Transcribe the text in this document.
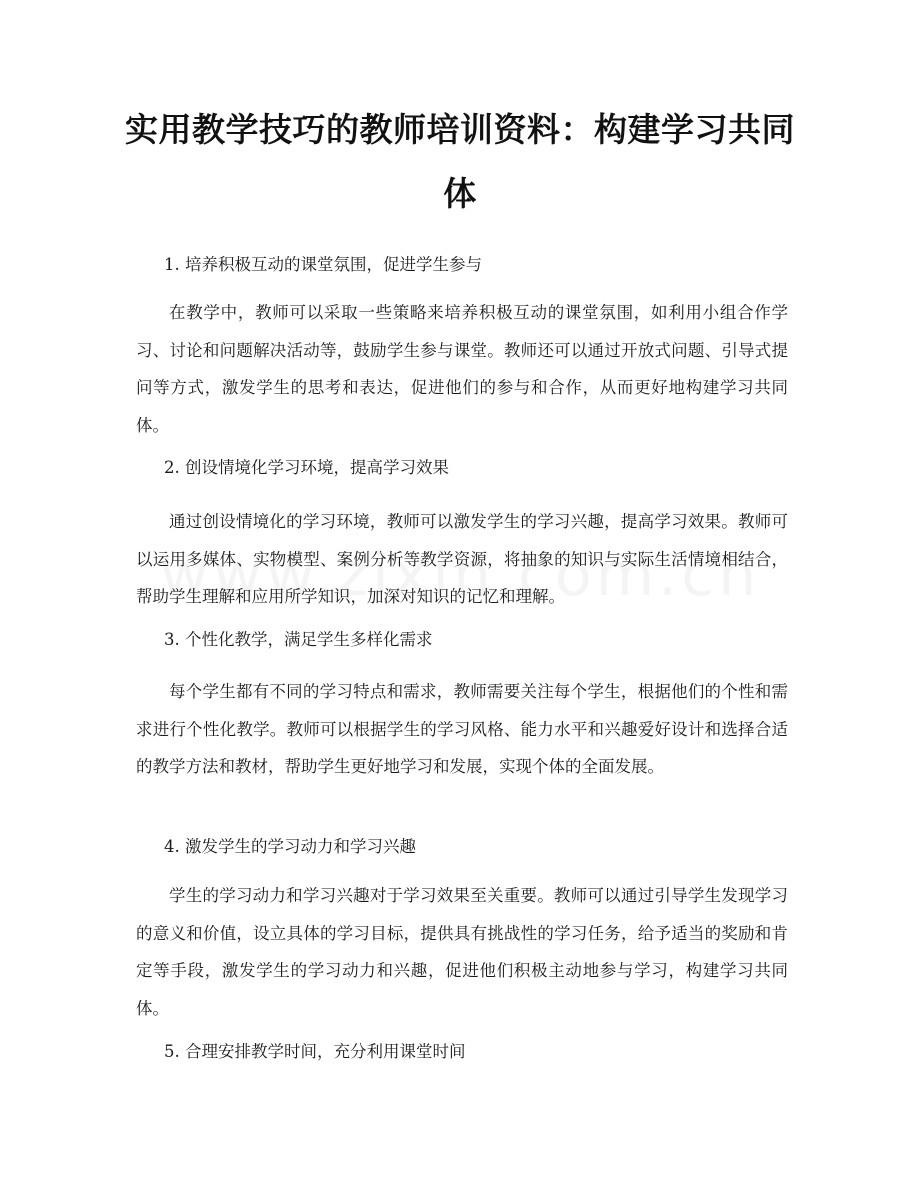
实用教学技巧的教师培训资料：构建学习共同体
1. 培养积极互动的课堂氛围，促进学生参与
在教学中，教师可以采取一些策略来培养积极互动的课堂氛围，如利用小组合作学习、讨论和问题解决活动等，鼓励学生参与课堂。教师还可以通过开放式问题、引导式提问等方式，激发学生的思考和表达，促进他们的参与和合作，从而更好地构建学习共同体。
2. 创设情境化学习环境，提高学习效果
通过创设情境化的学习环境，教师可以激发学生的学习兴趣，提高学习效果。教师可以运用多媒体、实物模型、案例分析等教学资源，将抽象的知识与实际生活情境相结合，帮助学生理解和应用所学知识，加深对知识的记忆和理解。
3. 个性化教学，满足学生多样化需求
每个学生都有不同的学习特点和需求，教师需要关注每个学生，根据他们的个性和需求进行个性化教学。教师可以根据学生的学习风格、能力水平和兴趣爱好设计和选择合适的教学方法和教材，帮助学生更好地学习和发展，实现个体的全面发展。
4. 激发学生的学习动力和学习兴趣
学生的学习动力和学习兴趣对于学习效果至关重要。教师可以通过引导学生发现学习的意义和价值，设立具体的学习目标，提供具有挑战性的学习任务，给予适当的奖励和肯定等手段，激发学生的学习动力和兴趣，促进他们积极主动地参与学习，构建学习共同体。
5. 合理安排教学时间，充分利用课堂时间
